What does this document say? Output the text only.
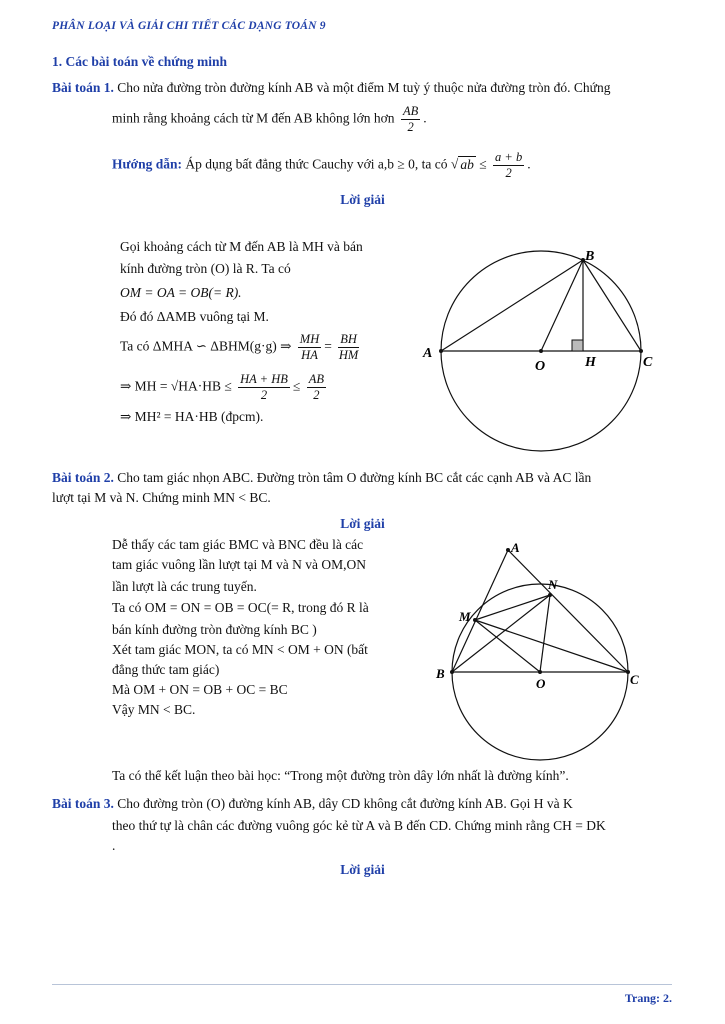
PHÂN LOẠI VÀ GIẢI CHI TIẾT CÁC DẠNG TOÁN 9
1. Các bài toán về chứng minh
Bài toán 1. Cho nửa đường tròn đường kính AB và một điểm M tuỳ ý thuộc nửa đường tròn đó. Chứng
minh rằng khoảng cách từ M đến AB không lớn hơn $\frac{AB}{2}$ .
Hướng dẫn: Áp dụng bất đẳng thức Cauchy với a,b ≥ 0, ta có √ ab ≤ $\frac{a + b}{2}$ .
Lời giải
Gọi khoảng cách từ M đến AB là MH và bán
kính đường tròn (O) là R. Ta có
OM = OA = OB(= R).
Đó đó ΔAMB vuông tại M.
Ta có ΔMHA ∽ ΔBHM(g·g) ⇒ $\frac{MH}{HA} = \frac{BH}{HM}$
⇒ MH = $√HA\cdot HB \le \frac{HA + HB}{2} \le \frac{AB}{2}$
⇒ MH² = HA·HB (đpcm).
A
B
C
O	H
Bài toán 2. Cho tam giác nhọn ABC. Đường tròn tâm O đường kính BC cắt các cạnh AB và AC lần
lượt tại M và N. Chứng minh MN < BC.
Lời giải
Dễ thấy các tam giác BMC và BNC đều là các
tam giác vuông lần lượt tại M và N và OM,ON
lần lượt là các trung tuyến.
Ta có OM = ON = OB = OC(= R, trong đó R là
bán kính đường tròn đường kính BC )
Xét tam giác MON, ta có MN < OM + ON (bất
đẳng thức tam giác)
Mà OM + ON = OB + OC = BC
Vậy MN < BC.
A
B	C
O
M
N
Ta có thể kết luận theo bài học: “Trong một đường tròn dây lớn nhất là đường kính”.
Bài toán 3. Cho đường tròn (O) đường kính AB, dây CD không cắt đường kính AB. Gọi H và K
theo thứ tự là chân các đường vuông góc kẻ từ A và B đến CD. Chứng minh rằng CH = DK
.
Lời giải
Trang: 2.
